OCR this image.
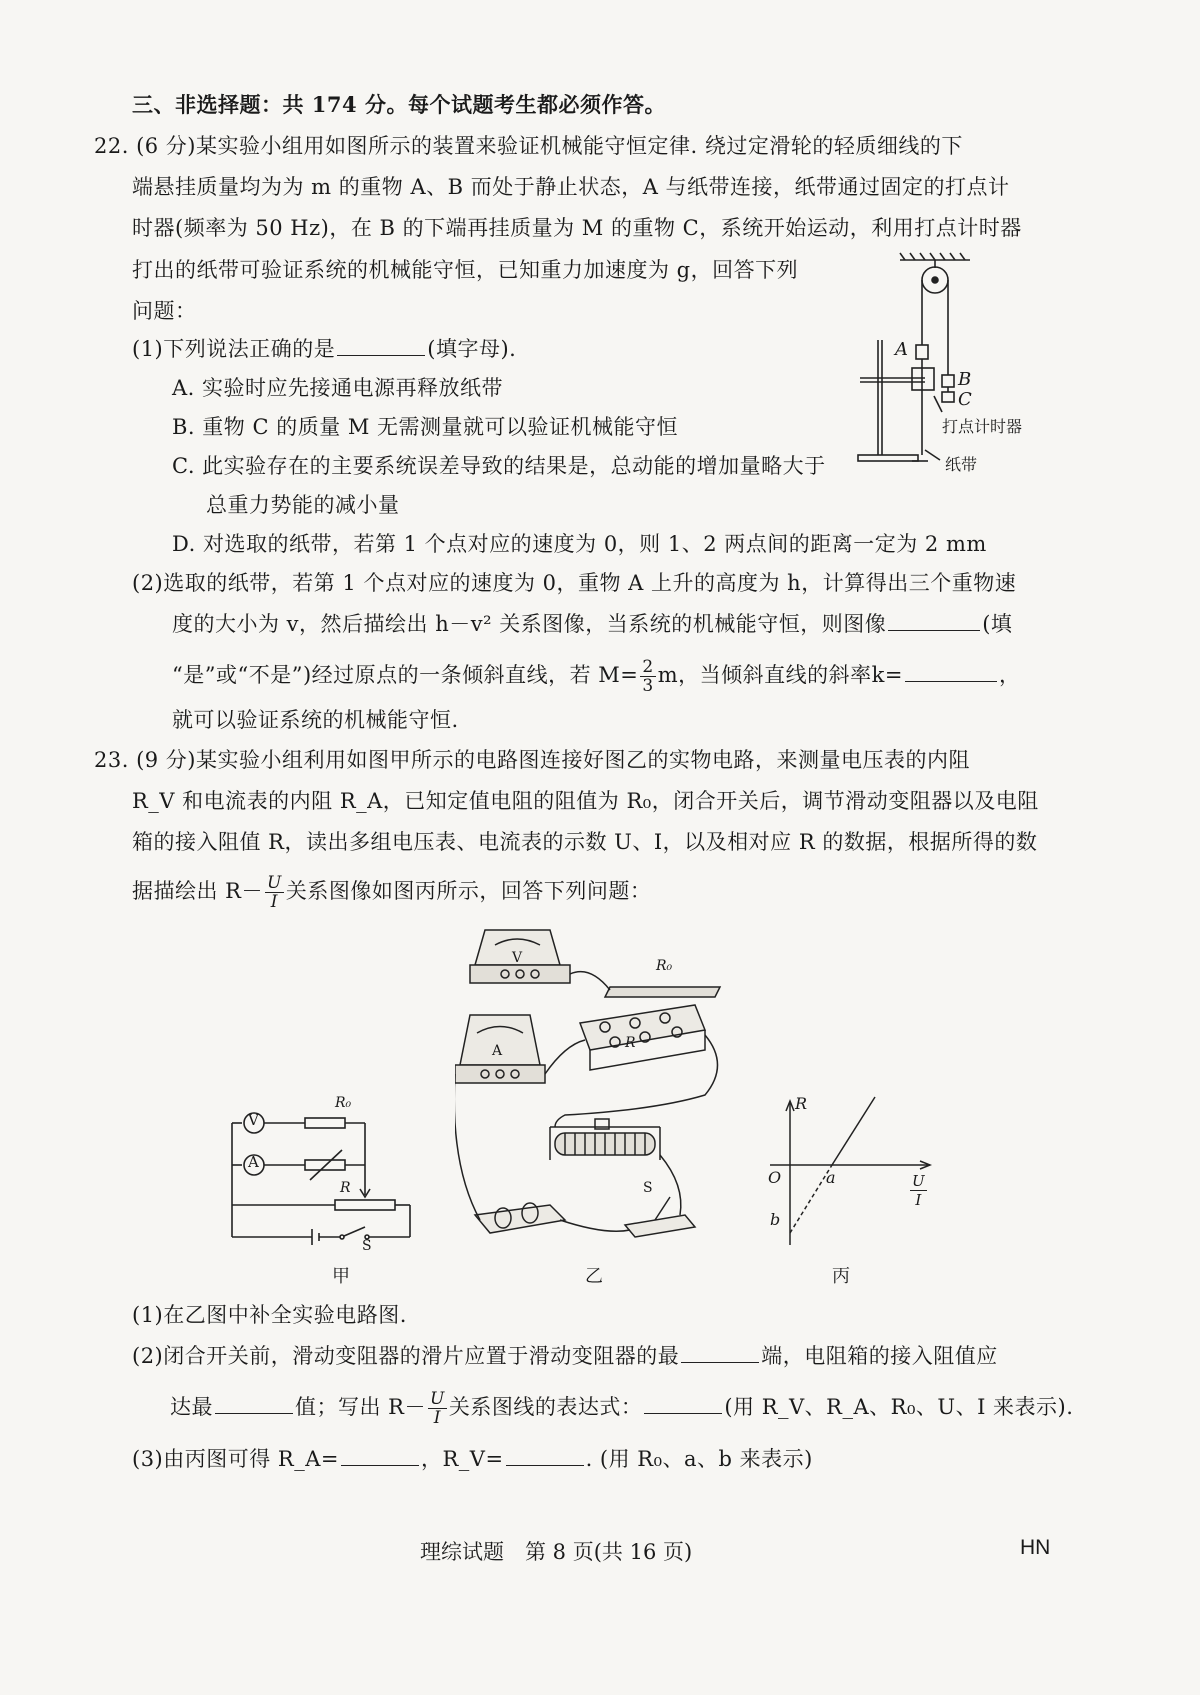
三、非选择题：共 174 分。每个试题考生都必须作答。
22. (6 分)某实验小组用如图所示的装置来验证机械能守恒定律. 绕过定滑轮的轻质细线的下
端悬挂质量均为为 m 的重物 A、B 而处于静止状态，A 与纸带连接，纸带通过固定的打点计
时器(频率为 50 Hz)，在 B 的下端再挂质量为 M 的重物 C，系统开始运动，利用打点计时器
打出的纸带可验证系统的机械能守恒，已知重力加速度为 g，回答下列
问题：
(1)下列说法正确的是	(填字母).
A. 实验时应先接通电源再释放纸带
B. 重物 C 的质量 M 无需测量就可以验证机械能守恒
C. 此实验存在的主要系统误差导致的结果是，总动能的增加量略大于
总重力势能的减小量
D. 对选取的纸带，若第 1 个点对应的速度为 0，则 1、2 两点间的距离一定为 2 mm
(2)选取的纸带，若第 1 个点对应的速度为 0，重物 A 上升的高度为 h，计算得出三个重物速
度的大小为 v，然后描绘出 h－v² 关系图像，当系统的机械能守恒，则图像	(填
“是”或“不是”)经过原点的一条倾斜直线，若 $M= \frac{2}{3}$ m，当倾斜直线的斜率k=	，
就可以验证系统的机械能守恒.
A
B
C
打点计时器
纸带
23. (9 分)某实验小组利用如图甲所示的电路图连接好图乙的实物电路，来测量电压表的内阻
R_V 和电流表的内阻 R_A，已知定值电阻的阻值为 R₀，闭合开关后，调节滑动变阻器以及电阻
箱的接入阻值 R，读出多组电压表、电流表的示数 U、I，以及相对应 R 的数据，根据所得的数
据描绘出 $R- \frac{U}{I}$ 关系图像如图丙所示，回答下列问题：
V
A
R₀
R
S
甲
V	R₀
A	R
S
乙
R
O	a
b
$\frac{U}{I}$
丙
(1)在乙图中补全实验电路图.
(2)闭合开关前，滑动变阻器的滑片应置于滑动变阻器的最	端，电阻箱的接入阻值应
达最	值；写出 $R- \frac{U}{I}$ 关系图线的表达式：	(用 R_V、R_A、R₀、U、I 来表示).
(3)由丙图可得 R_A=	，R_V=	. (用 R₀、a、b 来表示)
理综试题　第 8 页(共 16 页)	HN
